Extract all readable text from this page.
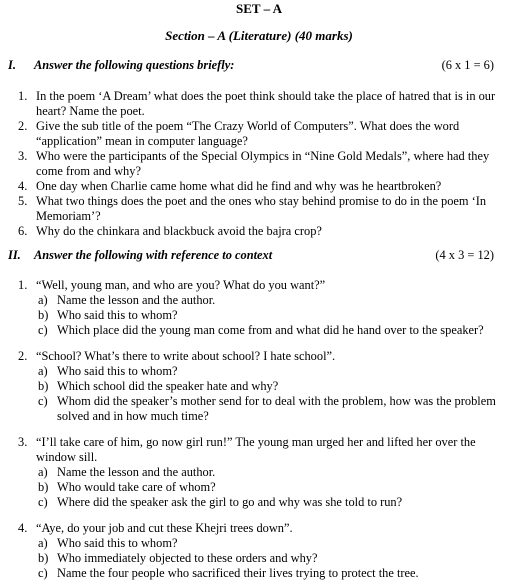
SET – A
Section – A (Literature) (40 marks)
I. Answer the following questions briefly:	(6 x 1 = 6)
1. In the poem ‘A Dream’ what does the poet think should take the place of hatred that is in our heart? Name the poet.
2. Give the sub title of the poem “The Crazy World of Computers”. What does the word “application” mean in computer language?
3. Who were the participants of the Special Olympics in “Nine Gold Medals”, where had they come from and why?
4. One day when Charlie came home what did he find and why was he heartbroken?
5. What two things does the poet and the ones who stay behind promise to do in the poem ‘In Memoriam’?
6. Why do the chinkara and blackbuck avoid the bajra crop?
II. Answer the following with reference to context	(4 x 3 = 12)
1. “Well, young man, and who are you? What do you want?”
a) Name the lesson and the author.
b) Who said this to whom?
c) Which place did the young man come from and what did he hand over to the speaker?
2. “School? What’s there to write about school? I hate school”.
a) Who said this to whom?
b) Which school did the speaker hate and why?
c) Whom did the speaker’s mother send for to deal with the problem, how was the problem solved and in how much time?
3. “I’ll take care of him, go now girl run!” The young man urged her and lifted her over the window sill.
a) Name the lesson and the author.
b) Who would take care of whom?
c) Where did the speaker ask the girl to go and why was she told to run?
4. “Aye, do your job and cut these Khejri trees down”.
a) Who said this to whom?
b) Who immediately objected to these orders and why?
c) Name the four people who sacrificed their lives trying to protect the tree.
